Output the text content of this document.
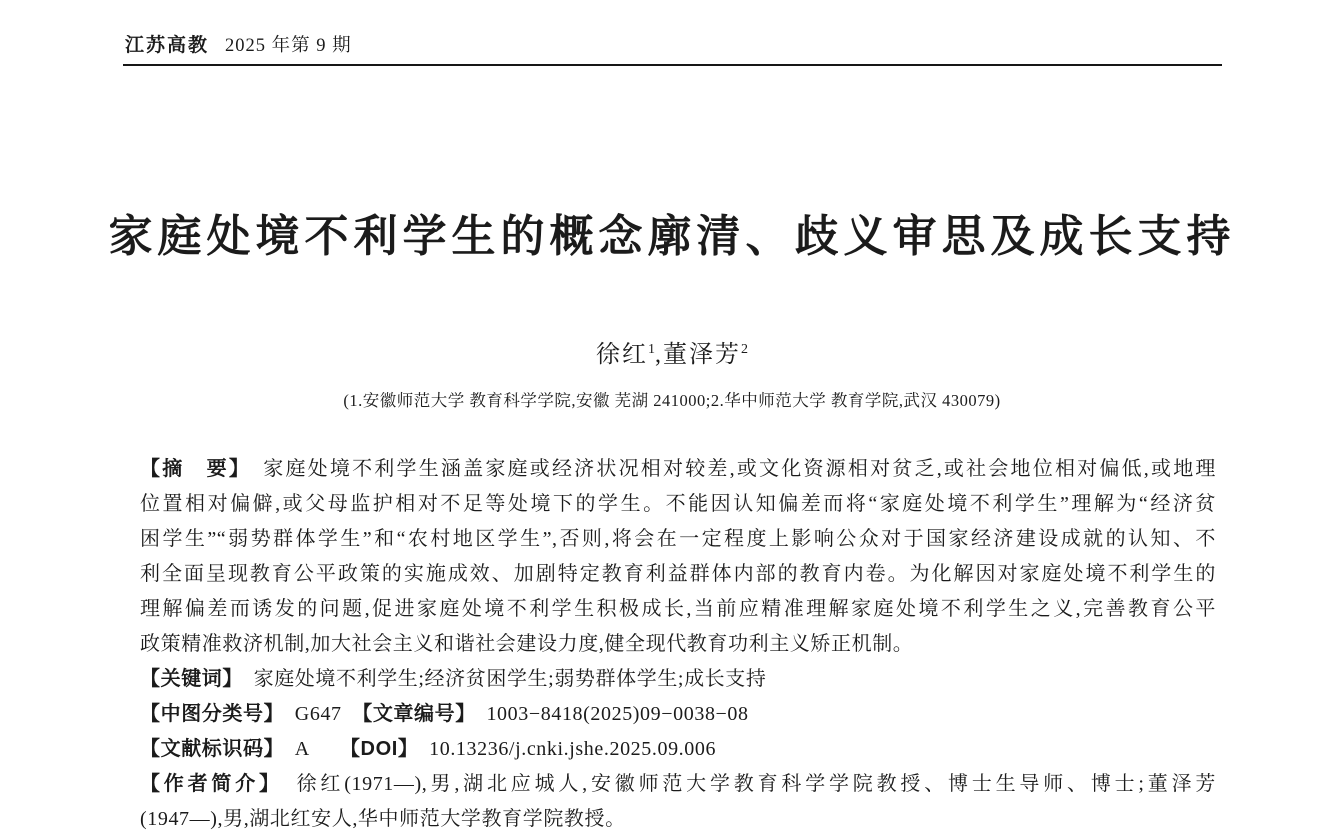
江苏高教 2025 年第 9 期
家庭处境不利学生的概念廓清、歧义审思及成长支持
徐红$^1$,董泽芳$^2$
(1.安徽师范大学 教育科学学院,安徽 芜湖 241000;2.华中师范大学 教育学院,武汉 430079)
【摘　要】　家庭处境不利学生涵盖家庭或经济状况相对较差,或文化资源相对贫乏,或社会地位相对偏低,或地理
位置相对偏僻,或父母监护相对不足等处境下的学生。不能因认知偏差而将“家庭处境不利学生”理解为“经济贫
困学生”“弱势群体学生”和“农村地区学生”,否则,将会在一定程度上影响公众对于国家经济建设成就的认知、不
利全面呈现教育公平政策的实施成效、加剧特定教育利益群体内部的教育内卷。为化解因对家庭处境不利学生的
理解偏差而诱发的问题,促进家庭处境不利学生积极成长,当前应精准理解家庭处境不利学生之义,完善教育公平
政策精准救济机制,加大社会主义和谐社会建设力度,健全现代教育功利主义矫正机制。
【关键词】　家庭处境不利学生;经济贫困学生;弱势群体学生;成长支持
【中图分类号】　G647　【文章编号】　1003−8418(2025)09−0038−08
【文献标识码】　A　　【DOI】　10.13236/j.cnki.jshe.2025.09.006
【作者简介】　徐红(1971—),男,湖北应城人,安徽师范大学教育科学学院教授、博士生导师、博士;董泽芳
(1947—),男,湖北红安人,华中师范大学教育学院教授。
